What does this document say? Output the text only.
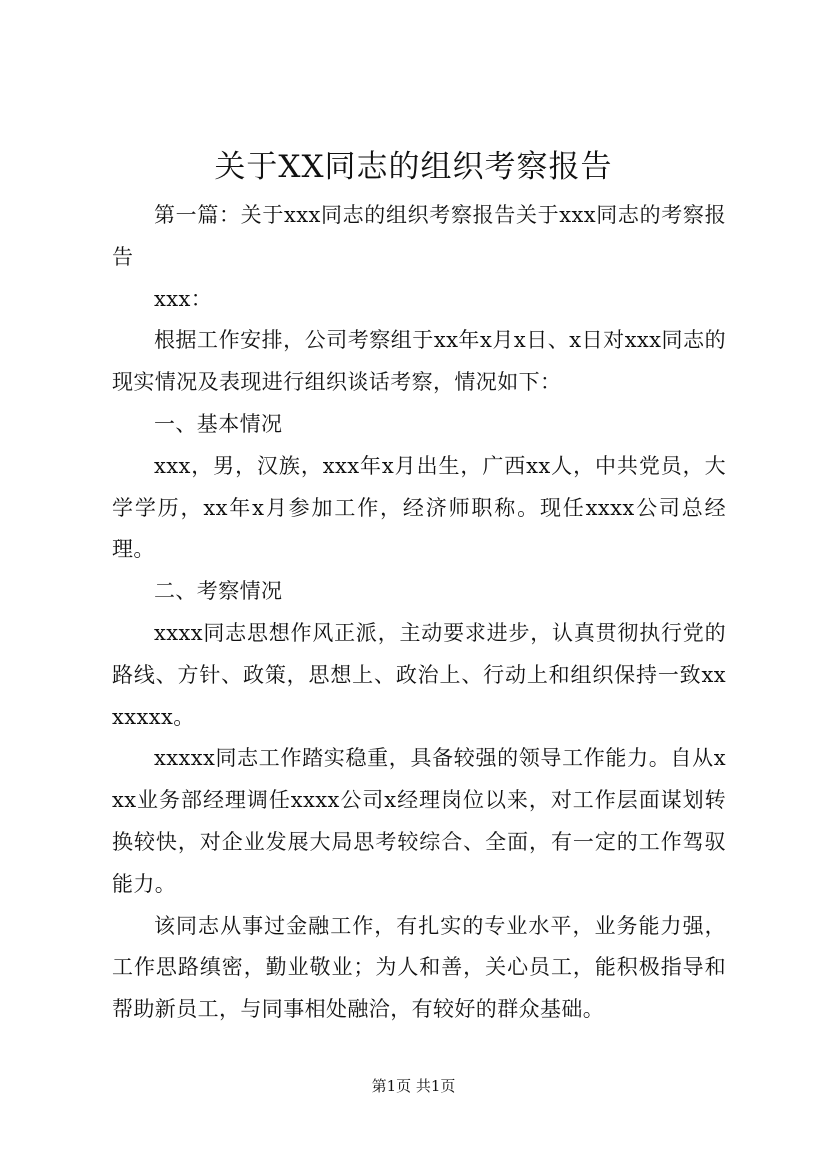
关于XX同志的组织考察报告

第一篇：关于xxx同志的组织考察报告关于xxx同志的考察报告

xxx：

根据工作安排，公司考察组于xx年x月x日、x日对xxx同志的现实情况及表现进行组织谈话考察，情况如下：

一、基本情况

xxx，男，汉族，xxx年x月出生，广西xx人，中共党员，大学学历，xx年x月参加工作，经济师职称。现任xxxx公司总经理。

二、考察情况

xxxx同志思想作风正派，主动要求进步，认真贯彻执行党的路线、方针、政策，思想上、政治上、行动上和组织保持一致xxxxxxx。

xxxxx同志工作踏实稳重，具备较强的领导工作能力。自从xxx业务部经理调任xxxx公司x经理岗位以来，对工作层面谋划转换较快，对企业发展大局思考较综合、全面，有一定的工作驾驭能力。

该同志从事过金融工作，有扎实的专业水平，业务能力强，工作思路缜密，勤业敬业；为人和善，关心员工，能积极指导和帮助新员工，与同事相处融洽，有较好的群众基础。

第1页 共1页
